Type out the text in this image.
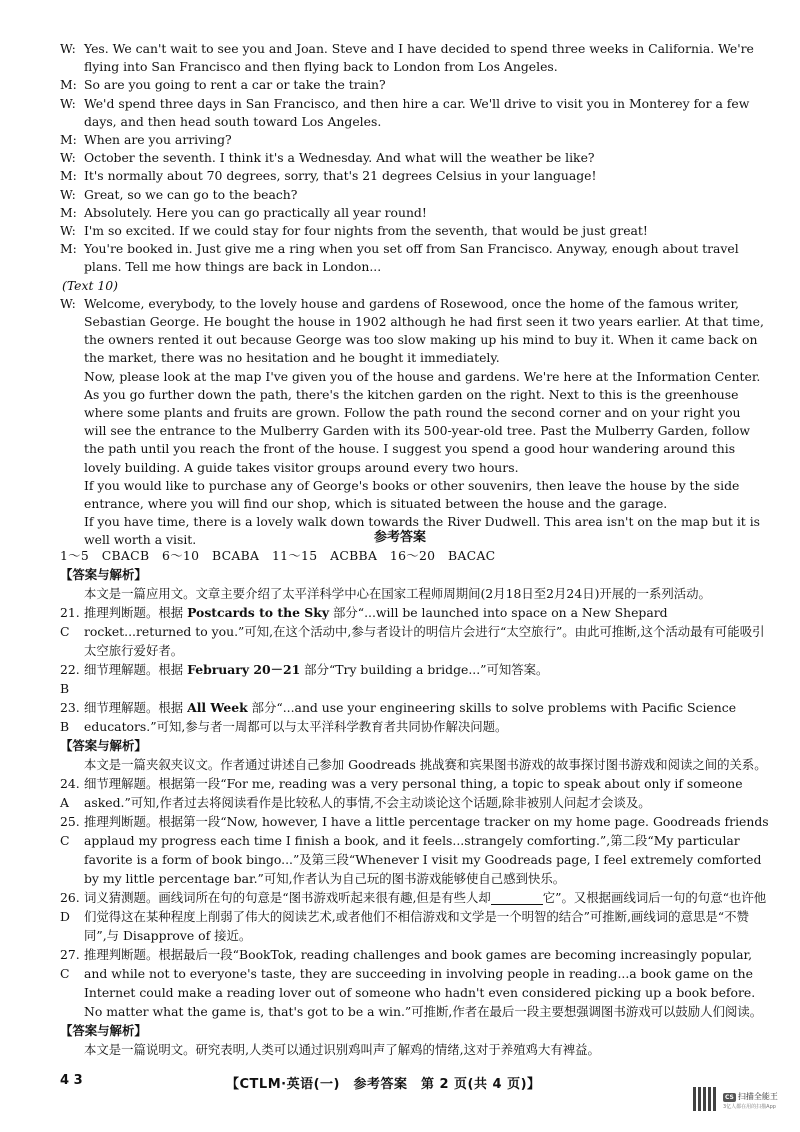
W: Yes. We can't wait to see you and Joan. Steve and I have decided to spend three weeks in California. We're flying into San Francisco and then flying back to London from Los Angeles.
M: So are you going to rent a car or take the train?
W: We'd spend three days in San Francisco, and then hire a car. We'll drive to visit you in Monterey for a few days, and then head south toward Los Angeles.
M: When are you arriving?
W: October the seventh. I think it's a Wednesday. And what will the weather be like?
M: It's normally about 70 degrees, sorry, that's 21 degrees Celsius in your language!
W: Great, so we can go to the beach?
M: Absolutely. Here you can go practically all year round!
W: I'm so excited. If we could stay for four nights from the seventh, that would be just great!
M: You're booked in. Just give me a ring when you set off from San Francisco. Anyway, enough about travel plans. Tell me how things are back in London...
(Text 10)
W: Welcome, everybody, to the lovely house and gardens of Rosewood, once the home of the famous writer, Sebastian George. He bought the house in 1902 although he had first seen it two years earlier. At that time, the owners rented it out because George was too slow making up his mind to buy it. When it came back on the market, there was no hesitation and he bought it immediately.

Now, please look at the map I've given you of the house and gardens. We're here at the Information Center. As you go further down the path, there's the kitchen garden on the right. Next to this is the greenhouse where some plants and fruits are grown. Follow the path round the second corner and on your right you will see the entrance to the Mulberry Garden with its 500-year-old tree. Past the Mulberry Garden, follow the path until you reach the front of the house. I suggest you spend a good hour wandering around this lovely building. A guide takes visitor groups around every two hours.

If you would like to purchase any of George's books or other souvenirs, then leave the house by the side entrance, where you will find our shop, which is situated between the house and the garage.

If you have time, there is a lovely walk down towards the River Dudwell. This area isn't on the map but it is well worth a visit.	参考答案
1～5　CBACB　6～10　BCABA　11～15　ACBBA　16～20　BACAC
【答案与解析】

本文是一篇应用文。文章主要介绍了太平洋科学中心在国家工程师周期间(2月18日至2月24日)开展的一系列活动。

21. C
推理判断题。根据 Postcards to the Sky 部分“...will be launched into space on a New Shepard rocket...returned to you.”可知,在这个活动中,参与者设计的明信片会进行“太空旅行”。由此可推断,这个活动最有可能吸引太空旅行爱好者。
22. B
细节理解题。根据 February 20－21 部分“Try building a bridge...”可知答案。
23. B
细节理解题。根据 All Week 部分“...and use your engineering skills to solve problems with Pacific Science educators.”可知,参与者一周都可以与太平洋科学教育者共同协作解决问题。
【答案与解析】

本文是一篇夹叙夹议文。作者通过讲述自己参加 Goodreads 挑战赛和宾果图书游戏的故事探讨图书游戏和阅读之间的关系。

24. A
细节理解题。根据第一段“For me, reading was a very personal thing, a topic to speak about only if someone asked.”可知,作者过去将阅读看作是比较私人的事情,不会主动谈论这个话题,除非被别人问起才会谈及。
25. C
推理判断题。根据第一段“Now, however, I have a little percentage tracker on my home page. Goodreads friends applaud my progress each time I finish a book, and it feels...strangely comforting.”,第二段“My particular favorite is a form of book bingo...”及第三段“Whenever I visit my Goodreads page, I feel extremely comforted by my little percentage bar.”可知,作者认为自己玩的图书游戏能够使自己感到快乐。
26. D
词义猜测题。画线词所在句的句意是“图书游戏听起来很有趣,但是有些人却	它”。又根据画线词后一句的句意“也许他们觉得这在某种程度上削弱了伟大的阅读艺术,或者他们不相信游戏和文学是一个明智的结合”可推断,画线词的意思是“不赞同”,与 Disapprove of 接近。
27. C
推理判断题。根据最后一段“BookTok, reading challenges and book games are becoming increasingly popular, and while not to everyone's taste, they are succeeding in involving people in reading...a book game on the Internet could make a reading lover out of someone who hadn't even considered picking up a book before. No matter what the game is, that's got to be a win.”可推断,作者在最后一段主要想强调图书游戏可以鼓励人们阅读。
【答案与解析】

本文是一篇说明文。研究表明,人类可以通过识别鸡叫声了解鸡的情绪,这对于养殖鸡大有裨益。

4 3	【CTLM·英语(一)　参考答案　第 2 页(共 4 页)】
CS 扫描全能王
3亿人都在用的扫描App
